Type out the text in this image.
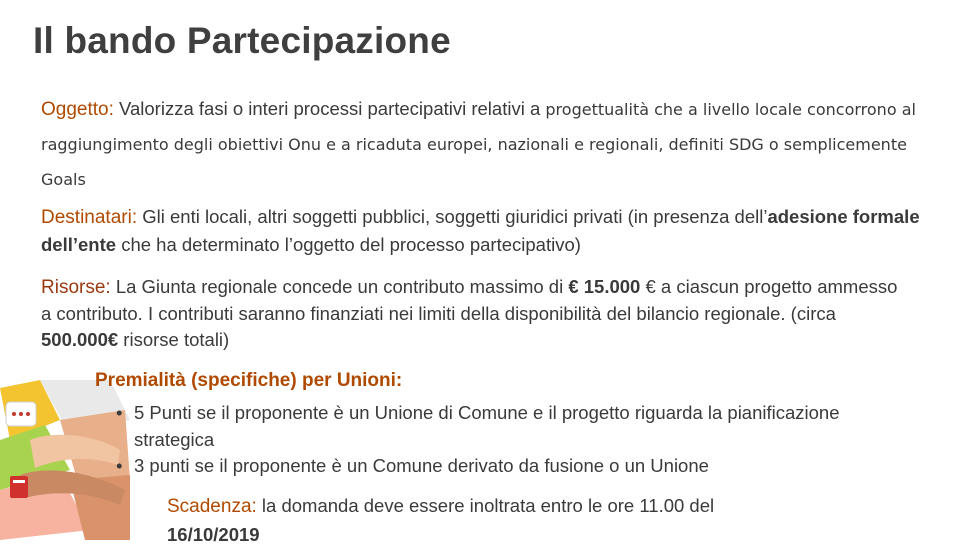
Il bando Partecipazione
Oggetto: Valorizza fasi o interi processi partecipativi relativi a progettualità che a livello locale concorrono al raggiungimento degli obiettivi Onu e a ricaduta europei, nazionali e regionali, definiti SDG o semplicemente Goals
Destinatari: Gli enti locali, altri soggetti pubblici, soggetti giuridici privati (in presenza dell’adesione formale dell’ente che ha determinato l’oggetto del processo partecipativo)
Risorse: La Giunta regionale concede un contributo massimo di € 15.000 € a ciascun progetto ammesso a contributo. I contributi saranno finanziati nei limiti della disponibilità del bilancio regionale. (circa 500.000€ risorse totali)
Premialità (specifiche) per Unioni:
• 5 Punti se il proponente è un Unione di Comune e il progetto riguarda la pianificazione strategica
• 3 punti se il proponente è un Comune derivato da fusione o un Unione
Scadenza: la domanda deve essere inoltrata entro le ore 11.00 del
16/10/2019
